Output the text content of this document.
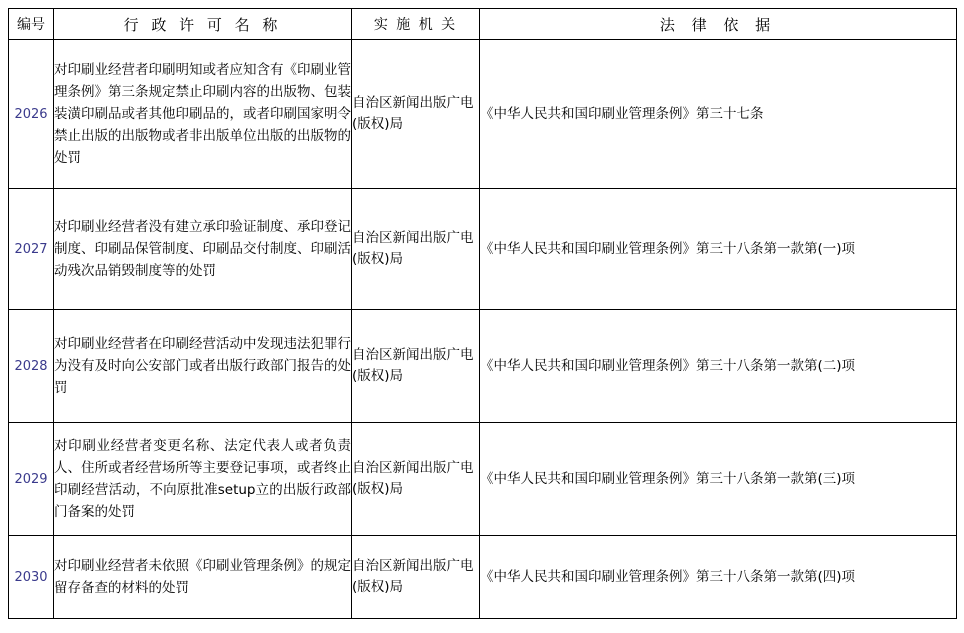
编号	行 政 许 可 名 称	实 施 机 关	法 律 依 据
2026	对印刷业经营者印刷明知或者应知含有《印刷业管理条例》第三条规定禁止印刷内容的出版物、包装装潢印刷品或者其他印刷品的，或者印刷国家明令禁止出版的出版物或者非出版单位出版的出版物的处罚	自治区新闻出版广电(版权)局	《中华人民共和国印刷业管理条例》第三十七条
2027	对印刷业经营者没有建立承印验证制度、承印登记制度、印刷品保管制度、印刷品交付制度、印刷活动残次品销毁制度等的处罚	自治区新闻出版广电(版权)局	《中华人民共和国印刷业管理条例》第三十八条第一款第(一)项
2028	对印刷业经营者在印刷经营活动中发现违法犯罪行为没有及时向公安部门或者出版行政部门报告的处罚	自治区新闻出版广电(版权)局	《中华人民共和国印刷业管理条例》第三十八条第一款第(二)项
2029	对印刷业经营者变更名称、法定代表人或者负责人、住所或者经营场所等主要登记事项，或者终止印刷经营活动，不向原批准setup立的出版行政部门备案的处罚	自治区新闻出版广电(版权)局	《中华人民共和国印刷业管理条例》第三十八条第一款第(三)项
2030	对印刷业经营者未依照《印刷业管理条例》的规定留存备查的材料的处罚	自治区新闻出版广电(版权)局	《中华人民共和国印刷业管理条例》第三十八条第一款第(四)项
